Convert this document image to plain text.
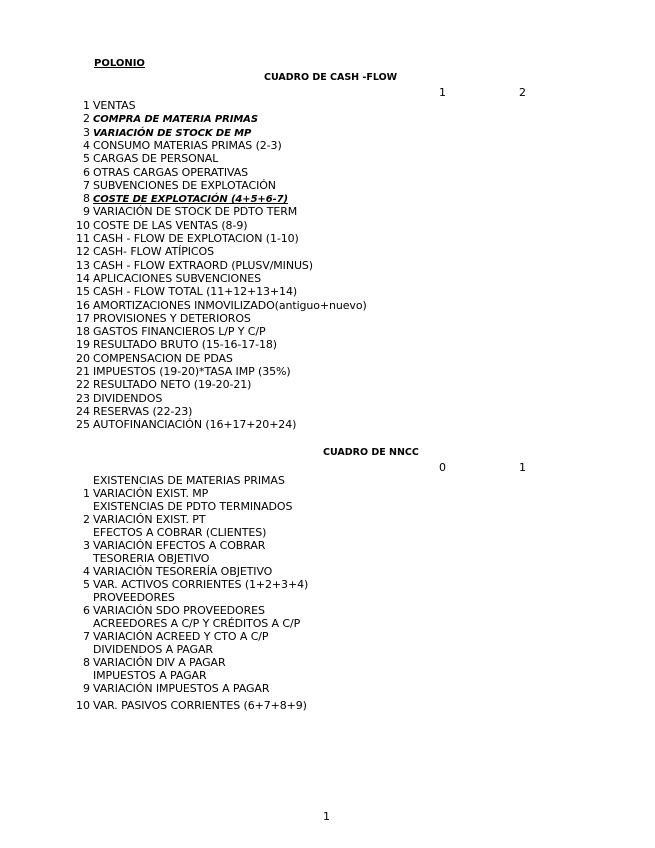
POLONIO
CUADRO DE CASH -FLOW
1	2
1 VENTAS
2 COMPRA DE MATERIA PRIMAS
3 VARIACIÓN DE STOCK DE MP
4 CONSUMO MATERIAS PRIMAS (2-3)
5 CARGAS DE PERSONAL
6 OTRAS CARGAS OPERATIVAS
7 SUBVENCIONES DE EXPLOTACIÓN
8 COSTE DE EXPLOTACIÓN (4+5+6-7)
9 VARIACIÓN DE STOCK DE PDTO TERM
10 COSTE DE LAS VENTAS (8-9)
11 CASH - FLOW DE EXPLOTACION (1-10)
12 CASH- FLOW ATÍPICOS
13 CASH - FLOW EXTRAORD (PLUSV/MINUS)
14 APLICACIONES SUBVENCIONES
15 CASH - FLOW TOTAL (11+12+13+14)
16 AMORTIZACIONES INMOVILIZADO(antiguo+nuevo)
17 PROVISIONES Y DETERIOROS
18 GASTOS FINANCIEROS L/P Y C/P
19 RESULTADO BRUTO (15-16-17-18)
20 COMPENSACION DE PDAS
21 IMPUESTOS (19-20)*TASA IMP (35%)
22 RESULTADO NETO (19-20-21)
23 DIVIDENDOS
24 RESERVAS (22-23)
25 AUTOFINANCIACIÓN (16+17+20+24)
CUADRO DE NNCC
0	1
EXISTENCIAS DE MATERIAS PRIMAS
1 VARIACIÓN EXIST. MP
EXISTENCIAS DE PDTO TERMINADOS
2 VARIACIÓN EXIST. PT
EFECTOS A COBRAR (CLIENTES)
3 VARIACIÓN EFECTOS A COBRAR
TESORERIA OBJETIVO
4 VARIACIÓN TESORERÍA OBJETIVO
5 VAR. ACTIVOS CORRIENTES (1+2+3+4)
PROVEEDORES
6 VARIACIÓN SDO PROVEEDORES
ACREEDORES A C/P Y CRÉDITOS A C/P
7 VARIACIÓN ACREED Y CTO A C/P
DIVIDENDOS A PAGAR
8 VARIACIÓN DIV A PAGAR
IMPUESTOS A PAGAR
9 VARIACIÓN IMPUESTOS A PAGAR
10 VAR. PASIVOS CORRIENTES (6+7+8+9)
1
